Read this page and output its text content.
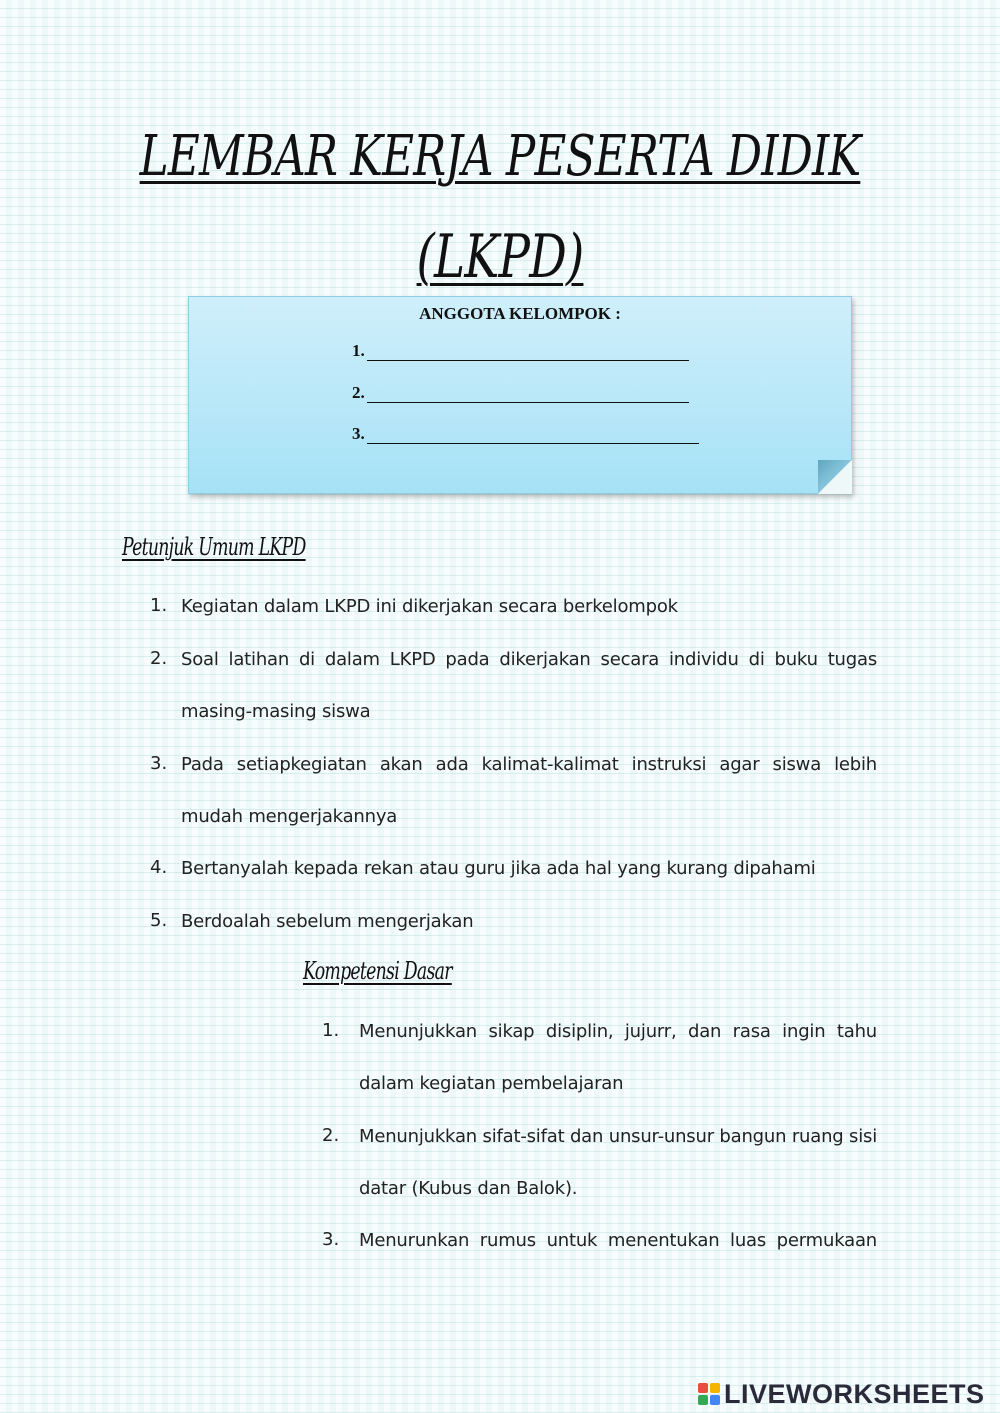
LEMBAR KERJA PESERTA DIDIK
(LKPD)
ANGGOTA KELOMPOK :
1.
2.
3.
Petunjuk Umum LKPD
1. Kegiatan dalam LKPD ini dikerjakan secara berkelompok
2. Soal latihan di dalam LKPD pada dikerjakan secara individu di buku tugas masing-masing siswa
3. Pada setiapkegiatan akan ada kalimat-kalimat instruksi agar siswa lebih mudah mengerjakannya
4. Bertanyalah kepada rekan atau guru jika ada hal yang kurang dipahami
5. Berdoalah sebelum mengerjakan
Kompetensi Dasar
1. Menunjukkan sikap disiplin, jujurr, dan rasa ingin tahu dalam kegiatan pembelajaran
2. Menunjukkan sifat-sifat dan unsur-unsur bangun ruang sisi datar (Kubus dan Balok).
3. Menurunkan rumus untuk menentukan luas permukaan
LIVEWORKSHEETS
